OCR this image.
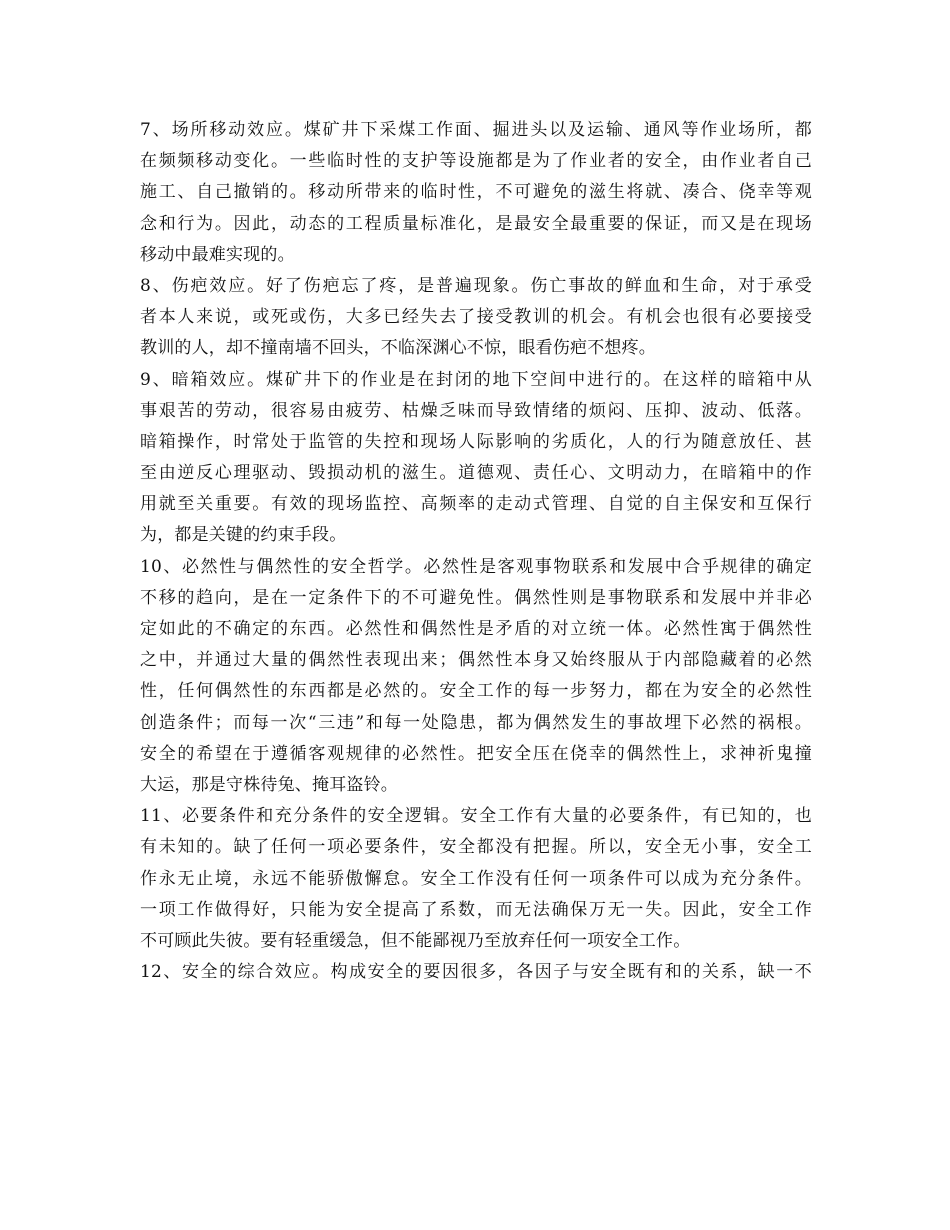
7、场所移动效应。煤矿井下采煤工作面、掘进头以及运输、通风等作业场所，都
在频频移动变化。一些临时性的支护等设施都是为了作业者的安全，由作业者自己
施工、自己撤销的。移动所带来的临时性，不可避免的滋生将就、凑合、侥幸等观
念和行为。因此，动态的工程质量标准化，是最安全最重要的保证，而又是在现场
移动中最难实现的。
8、伤疤效应。好了伤疤忘了疼，是普遍现象。伤亡事故的鲜血和生命，对于承受
者本人来说，或死或伤，大多已经失去了接受教训的机会。有机会也很有必要接受
教训的人，却不撞南墙不回头，不临深渊心不惊，眼看伤疤不想疼。
9、暗箱效应。煤矿井下的作业是在封闭的地下空间中进行的。在这样的暗箱中从
事艰苦的劳动，很容易由疲劳、枯燥乏味而导致情绪的烦闷、压抑、波动、低落。
暗箱操作，时常处于监管的失控和现场人际影响的劣质化，人的行为随意放任、甚
至由逆反心理驱动、毁损动机的滋生。道德观、责任心、文明动力，在暗箱中的作
用就至关重要。有效的现场监控、高频率的走动式管理、自觉的自主保安和互保行
为，都是关键的约束手段。
10、必然性与偶然性的安全哲学。必然性是客观事物联系和发展中合乎规律的确定
不移的趋向，是在一定条件下的不可避免性。偶然性则是事物联系和发展中并非必
定如此的不确定的东西。必然性和偶然性是矛盾的对立统一体。必然性寓于偶然性
之中，并通过大量的偶然性表现出来；偶然性本身又始终服从于内部隐藏着的必然
性，任何偶然性的东西都是必然的。安全工作的每一步努力，都在为安全的必然性
创造条件；而每一次“三违”和每一处隐患，都为偶然发生的事故埋下必然的祸根。
安全的希望在于遵循客观规律的必然性。把安全压在侥幸的偶然性上，求神祈鬼撞
大运，那是守株待兔、掩耳盗铃。
11、必要条件和充分条件的安全逻辑。安全工作有大量的必要条件，有已知的，也
有未知的。缺了任何一项必要条件，安全都没有把握。所以，安全无小事，安全工
作永无止境，永远不能骄傲懈怠。安全工作没有任何一项条件可以成为充分条件。
一项工作做得好，只能为安全提高了系数，而无法确保万无一失。因此，安全工作
不可顾此失彼。要有轻重缓急，但不能鄙视乃至放弃任何一项安全工作。
12、安全的综合效应。构成安全的要因很多，各因子与安全既有和的关系，缺一不
